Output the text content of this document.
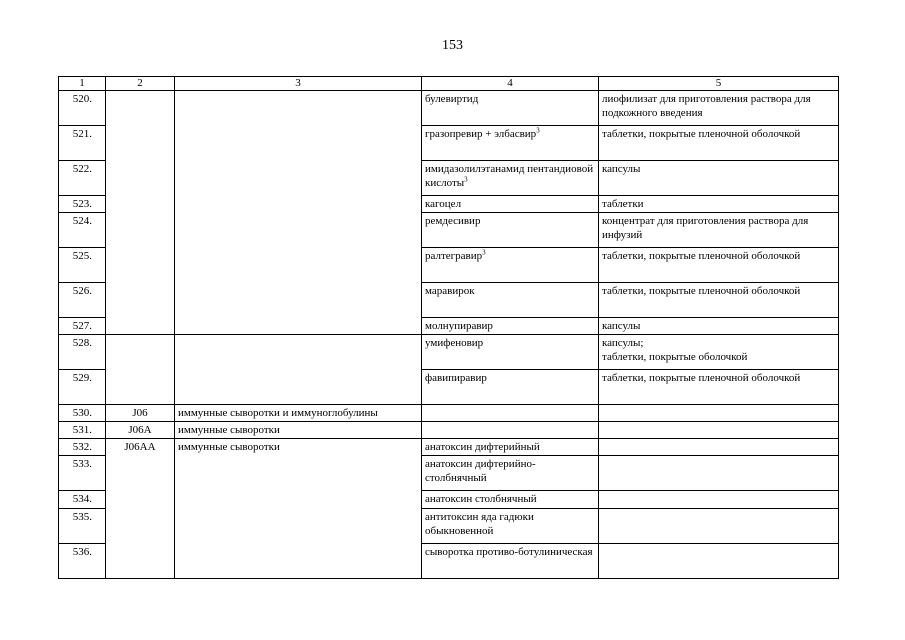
153
1	2	3	4	5
520.			булевиртид	лиофилизат для приготовления раствора для подкожного введения
521.			гразопревир + элбасвир$^3$	таблетки, покрытые пленочной оболочкой
522.			имидазолилэтанамид пентандиовой кислоты$^3$	капсулы
523.			кагоцел	таблетки
524.			ремдесивир	концентрат для приготовления раствора для инфузий
525.			ралтегравир$^3$	таблетки, покрытые пленочной оболочкой
526.			маравирок	таблетки, покрытые пленочной оболочкой
527.			молнупиравир	капсулы
528.			умифеновир	капсулы;
таблетки, покрытые оболочкой
529.			фавипиравир	таблетки, покрытые пленочной оболочкой
530.	J06	иммунные сыворотки и иммуноглобулины		
531.	J06A	иммунные сыворотки		
532.	J06AA	иммунные сыворотки	анатоксин дифтерийный	
533.			анатоксин дифтерийно-столбнячный	
534.			анатоксин столбнячный	
535.			антитоксин яда гадюки обыкновенной	
536.			сыворотка противо-ботулиническая	
